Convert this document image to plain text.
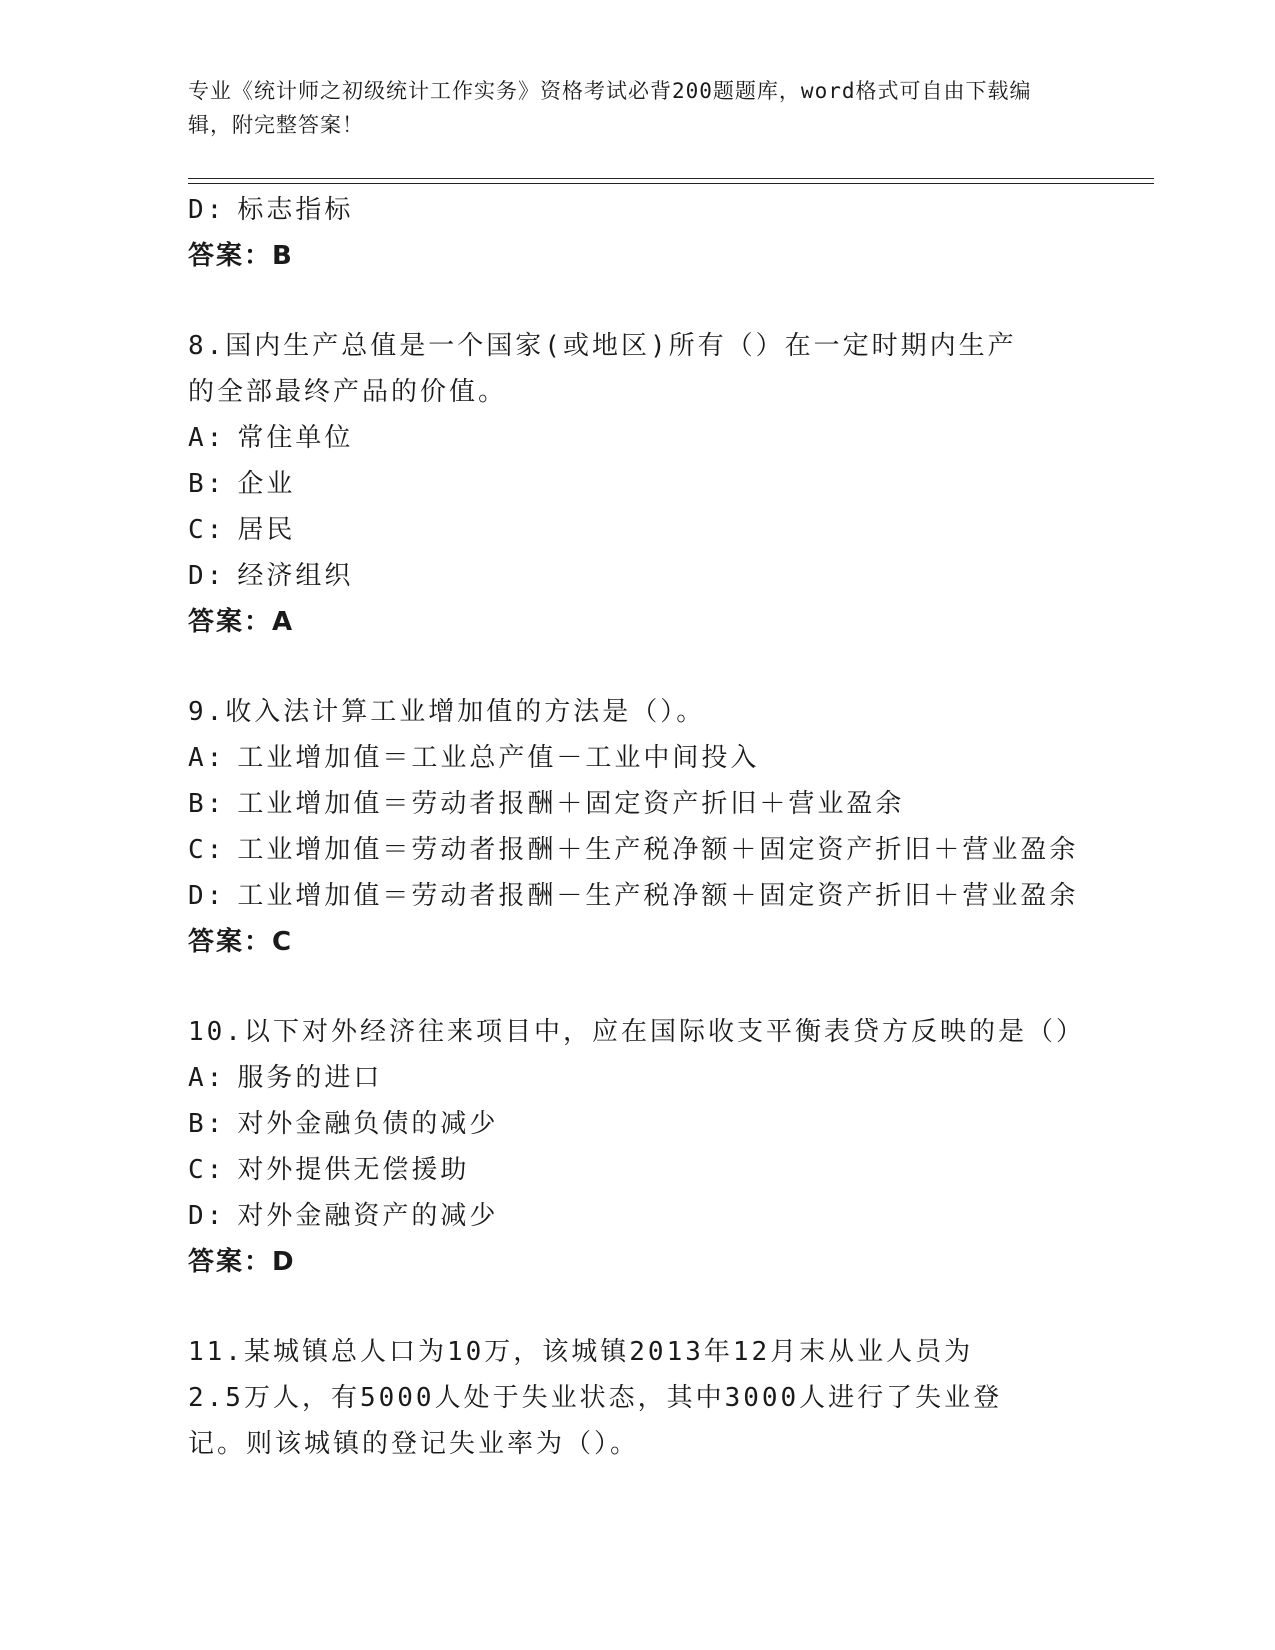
专业《统计师之初级统计工作实务》资格考试必背200题题库，word格式可自由下载编辑，附完整答案！
D: 标志指标
答案：B
8.国内生产总值是一个国家(或地区)所有（）在一定时期内生产的全部最终产品的价值。
A: 常住单位
B: 企业
C: 居民
D: 经济组织
答案：A
9.收入法计算工业增加值的方法是（）。
A: 工业增加值＝工业总产值－工业中间投入
B: 工业增加值＝劳动者报酬＋固定资产折旧＋营业盈余
C: 工业增加值＝劳动者报酬＋生产税净额＋固定资产折旧＋营业盈余
D: 工业增加值＝劳动者报酬－生产税净额＋固定资产折旧＋营业盈余
答案：C
10.以下对外经济往来项目中，应在国际收支平衡表贷方反映的是（）
A: 服务的进口
B: 对外金融负债的减少
C: 对外提供无偿援助
D: 对外金融资产的减少
答案：D
11.某城镇总人口为10万，该城镇2013年12月末从业人员为2.5万人，有5000人处于失业状态，其中3000人进行了失业登记。则该城镇的登记失业率为（）。
